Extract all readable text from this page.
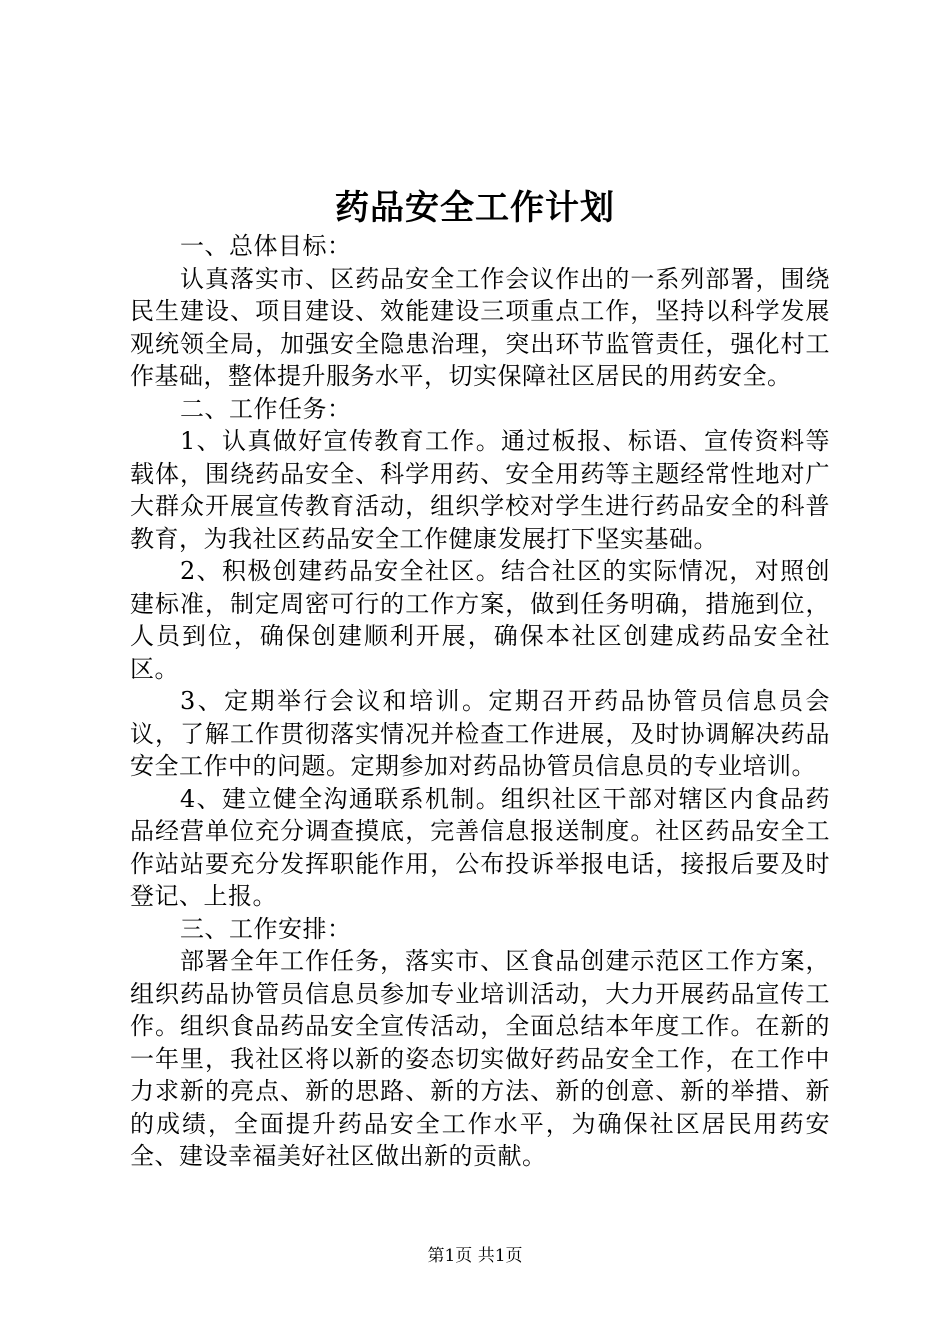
药品安全工作计划

一、总体目标：

认真落实市、区药品安全工作会议作出的一系列部署，围绕民生建设、项目建设、效能建设三项重点工作，坚持以科学发展观统领全局，加强安全隐患治理，突出环节监管责任，强化村工作基础，整体提升服务水平，切实保障社区居民的用药安全。

二、工作任务：

1、认真做好宣传教育工作。通过板报、标语、宣传资料等载体，围绕药品安全、科学用药、安全用药等主题经常性地对广大群众开展宣传教育活动，组织学校对学生进行药品安全的科普教育，为我社区药品安全工作健康发展打下坚实基础。

2、积极创建药品安全社区。结合社区的实际情况，对照创建标准，制定周密可行的工作方案，做到任务明确，措施到位，人员到位，确保创建顺利开展，确保本社区创建成药品安全社区。

3、定期举行会议和培训。定期召开药品协管员信息员会议，了解工作贯彻落实情况并检查工作进展，及时协调解决药品安全工作中的问题。定期参加对药品协管员信息员的专业培训。

4、建立健全沟通联系机制。组织社区干部对辖区内食品药品经营单位充分调查摸底，完善信息报送制度。社区药品安全工作站站要充分发挥职能作用，公布投诉举报电话，接报后要及时登记、上报。

三、工作安排：

部署全年工作任务，落实市、区食品创建示范区工作方案，组织药品协管员信息员参加专业培训活动，大力开展药品宣传工作。组织食品药品安全宣传活动，全面总结本年度工作。在新的一年里，我社区将以新的姿态切实做好药品安全工作，在工作中力求新的亮点、新的思路、新的方法、新的创意、新的举措、新的成绩，全面提升药品安全工作水平，为确保社区居民用药安全、建设幸福美好社区做出新的贡献。

第1页 共1页
